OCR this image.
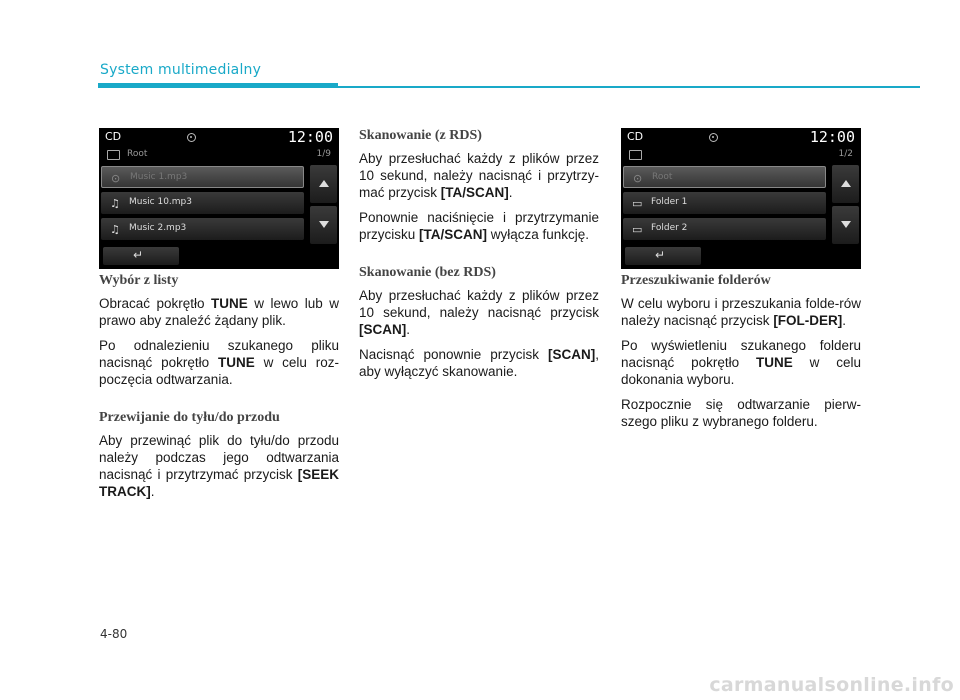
System multimedialny
CD	12:00
Root	1/9
⊙ Music 1.mp3
♫ Music 10.mp3
♫ Music 2.mp3
↵
Wybór z listy

Obracać pokrętło TUNE w lewo lub w prawo aby znaleźć żądany plik.

Po odnalezieniu szukanego pliku nacisnąć pokrętło TUNE w celu roz-poczęcia odtwarzania.

Przewijanie do tyłu/do przodu

Aby przewinąć plik do tyłu/do przodu należy podczas jego odtwarzania nacisnąć i przytrzymać przycisk [SEEK TRACK].

Skanowanie (z RDS)

Aby przesłuchać każdy z plików przez 10 sekund, należy nacisnąć i przytrzy-mać przycisk [TA/SCAN].

Ponownie naciśnięcie i przytrzymanie przycisku [TA/SCAN] wyłącza funkcję.

Skanowanie (bez RDS)

Aby przesłuchać każdy z plików przez 10 sekund, należy nacisnąć przycisk [SCAN].

Nacisnąć ponownie przycisk [SCAN], aby wyłączyć skanowanie.

CD	12:00
1/2
⊙ Root
▭ Folder 1
▭ Folder 2
↵
Przeszukiwanie folderów

W celu wyboru i przeszukania folde-rów należy nacisnąć przycisk [FOL-DER].

Po wyświetleniu szukanego folderu nacisnąć pokrętło TUNE w celu dokonania wyboru.

Rozpocznie się odtwarzanie pierw-szego pliku z wybranego folderu.

4-80
carmanualsonline.info
